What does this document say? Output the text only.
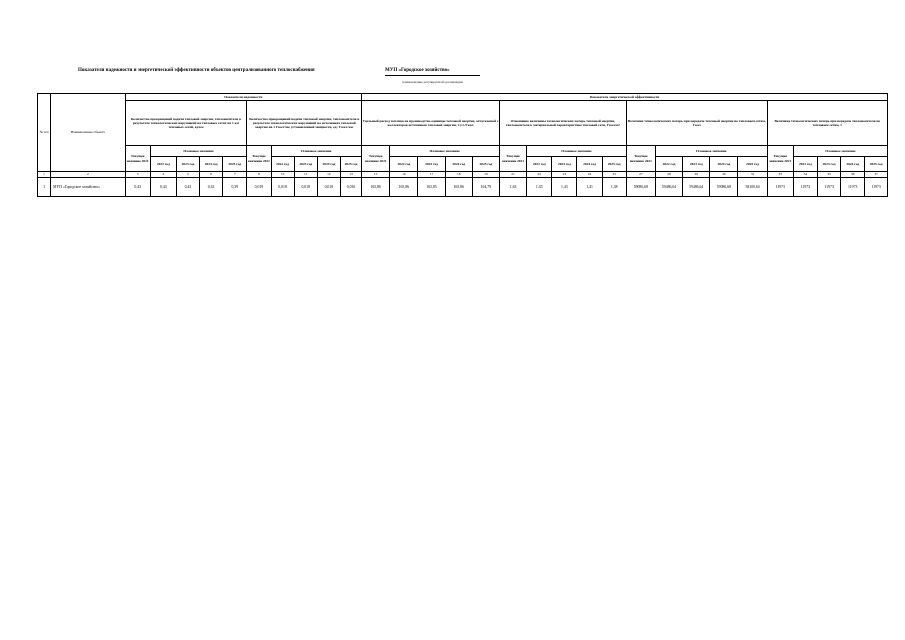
Показатели надежности и энергетической эффективности объектов централизованного теплоснабжения	МУП «Городское хозяйство»
наименование регулируемой организации
№ п/п	Наименование объекта	Показатели надежности										Показатели энергетической эффективности																			
		Количество прекращений подачи тепловой энергии, теплоносителя в результате технологических нарушений на тепловых сетях на 1 км тепловых сетей, ед/км					Количество прекращений подачи тепловой энергии, теплоносителя в результате технологических нарушений на источниках тепловой энергии на 1 Гкал/час установленной мощности, ед./ Гкал/час					Удельный расход топлива на производство единицы тепловой энергии, отпускаемой с коллекторов источников тепловой энергии, т.у.т./Гкал					Отношение величины технологических потерь тепловой энергии, теплоносителя к материальной характеристике тепловой сети, Гкал/м2					Величина технологических потерь при передаче тепловой энергии по тепловым сетям, Гкал					Величина технологических потерь при передаче теплоносителя по тепловым сетям, т				
		Текущее значение 2021	Плановое значение				Текущее значение 2021	Плановое значение				Текущее значение 2021	Плановое значение				Текущее значение 2021	Плановое значение				Текущее значение 2021	Плановое значение				Текущее значение 2021	Плановое значение			
			2022 год	2023 год	2024 год	2025 год		2022 год	2023 год	2024 год	2025 год		2022 год	2023 год	2024 год	2025 год		2022 год	2023 год	2024 год	2025 год		2022 год	2023 год	2024 год	2025 год		2022 год	2023 год	2024 год	2025 год
1	2	3	4	5	6	7	8	10	11	12	13	15	16	17	18	19	21	22	23	24	25	27	28	29	30	31	33	34	35	36	37
1	МУП «Городское хозяйство»	0,43	0,43	0,43	0,43	0,39	0,019	0,018	0,018	0,018	0,016	165,86	165,86	165,85	165,86	164,79	1,63	1,45	1,43	1,41	1,38	59086,68	59486,64	59486,64	59086,68	58100,64	11973	11973	11973	11973	11973
